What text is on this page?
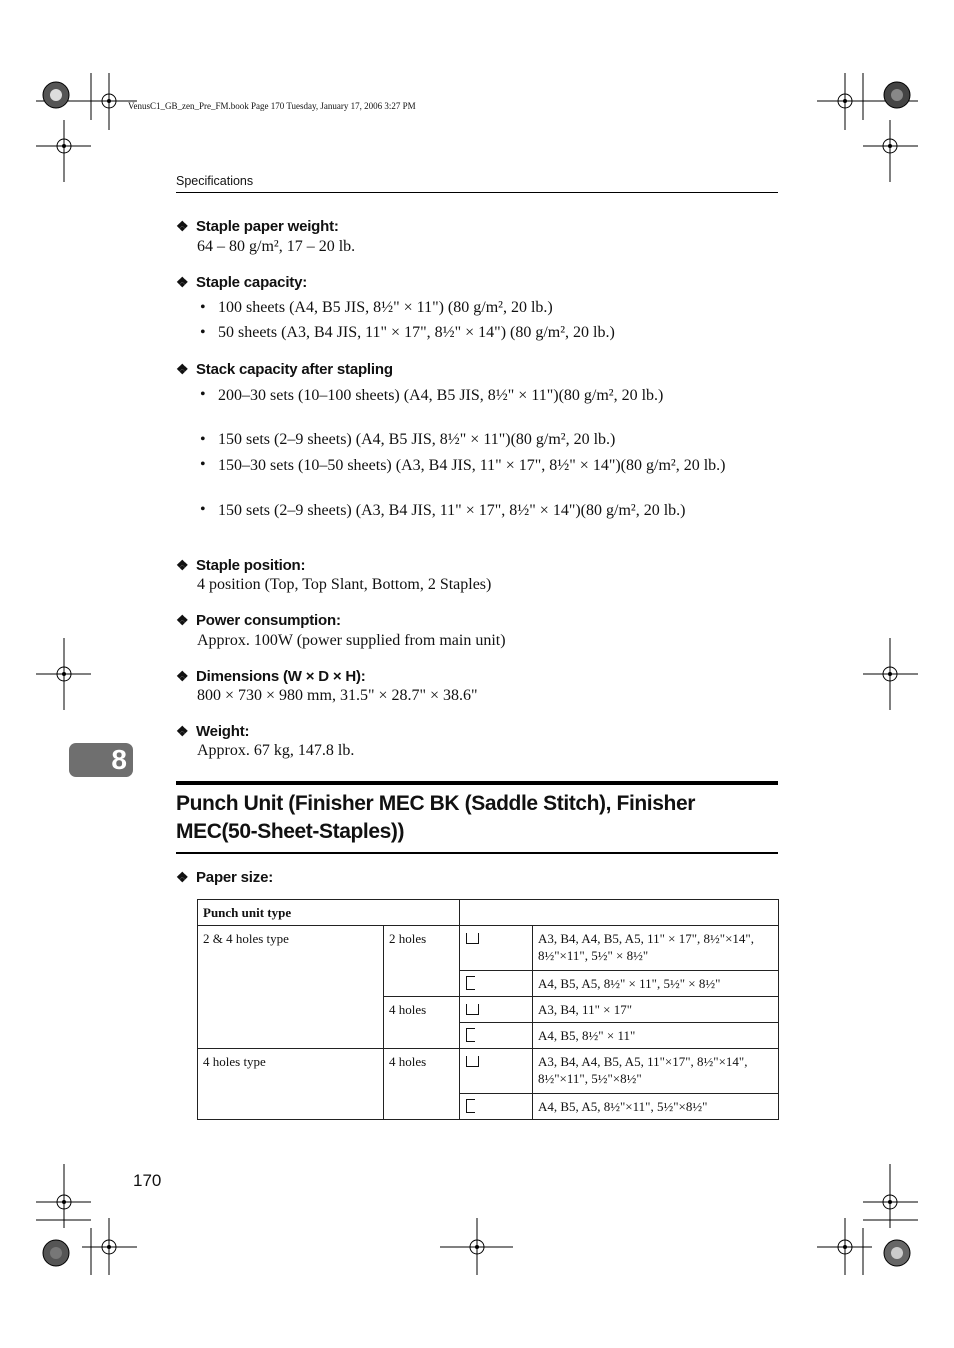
VenusC1_GB_zen_Pre_FM.book Page 170 Tuesday, January 17, 2006 3:27 PM
Specifications
❖ Staple paper weight:
64 – 80 g/m², 17 – 20 lb.
❖ Staple capacity:
• 100 sheets (A4, B5 JIS, 8½" × 11") (80 g/m², 20 lb.)
• 50 sheets (A3, B4 JIS, 11" × 17", 8½" × 14") (80 g/m², 20 lb.)
❖ Stack capacity after stapling
• 200–30 sets (10–100 sheets) (A4, B5 JIS, 8½" × 11")(80 g/m², 20 lb.)
• 150 sets (2–9 sheets) (A4, B5 JIS, 8½" × 11")(80 g/m², 20 lb.)
• 150–30 sets (10–50 sheets) (A3, B4 JIS, 11" × 17", 8½" × 14")(80 g/m², 20 lb.)
• 150 sets (2–9 sheets) (A3, B4 JIS, 11" × 17", 8½" × 14")(80 g/m², 20 lb.)
❖ Staple position:
4 position (Top, Top Slant, Bottom, 2 Staples)
❖ Power consumption:
Approx. 100W (power supplied from main unit)
❖ Dimensions (W × D × H):
800 × 730 × 980 mm, 31.5" × 28.7" × 38.6"
❖ Weight:
Approx. 67 kg, 147.8 lb.
8
Punch Unit (Finisher MEC BK (Saddle Stitch), Finisher MEC(50-Sheet-Staples))
❖ Paper size:
Punch unit type			
2 & 4 holes type	2 holes		A3, B4, A4, B5, A5, 11" × 17", 8½"×14", 8½"×11", 5½" × 8½"
			A4, B5, A5, 8½" × 11", 5½" × 8½"
	4 holes		A3, B4, 11" × 17"
			A4, B5, 8½" × 11"
4 holes type	4 holes		A3, B4, A4, B5, A5, 11"×17", 8½"×14", 8½"×11", 5½"×8½"
			A4, B5, A5, 8½"×11", 5½"×8½"
170
